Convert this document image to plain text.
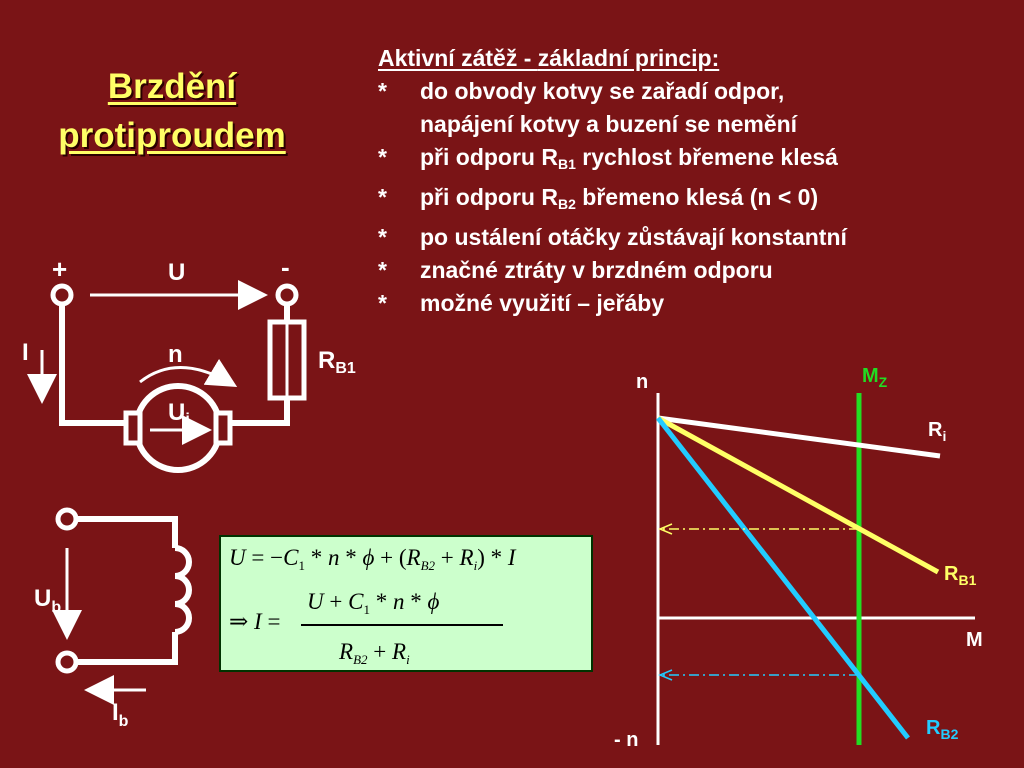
Brzdění
protiproudem
Aktivní zátěž - základní princip:
*	do obvody kotvy se zařadí odpor,
napájení kotvy a buzení se nemění
*	při odporu $R_{B1}$ rychlost břemene klesá
*	při odporu $R_{B2}$ břemeno klesá (n < 0)
*	po ustálení otáčky zůstávají konstantní
*	značné ztráty v brzdném odporu
*	možné využití – jeřáby
+	-
U
I	n
Ui
$R_{B1}$
$U_b$
$I_b$
n
- n
M
$M_Z$
$R_i$
$R_{B1}$
$R_{B2}$
$U = -C_1 * n * \phi + (R_{B2} + R_i) * I$
⇒ I =
$U + C_1 * n * \phi$
$R_{B2} + R_i$
